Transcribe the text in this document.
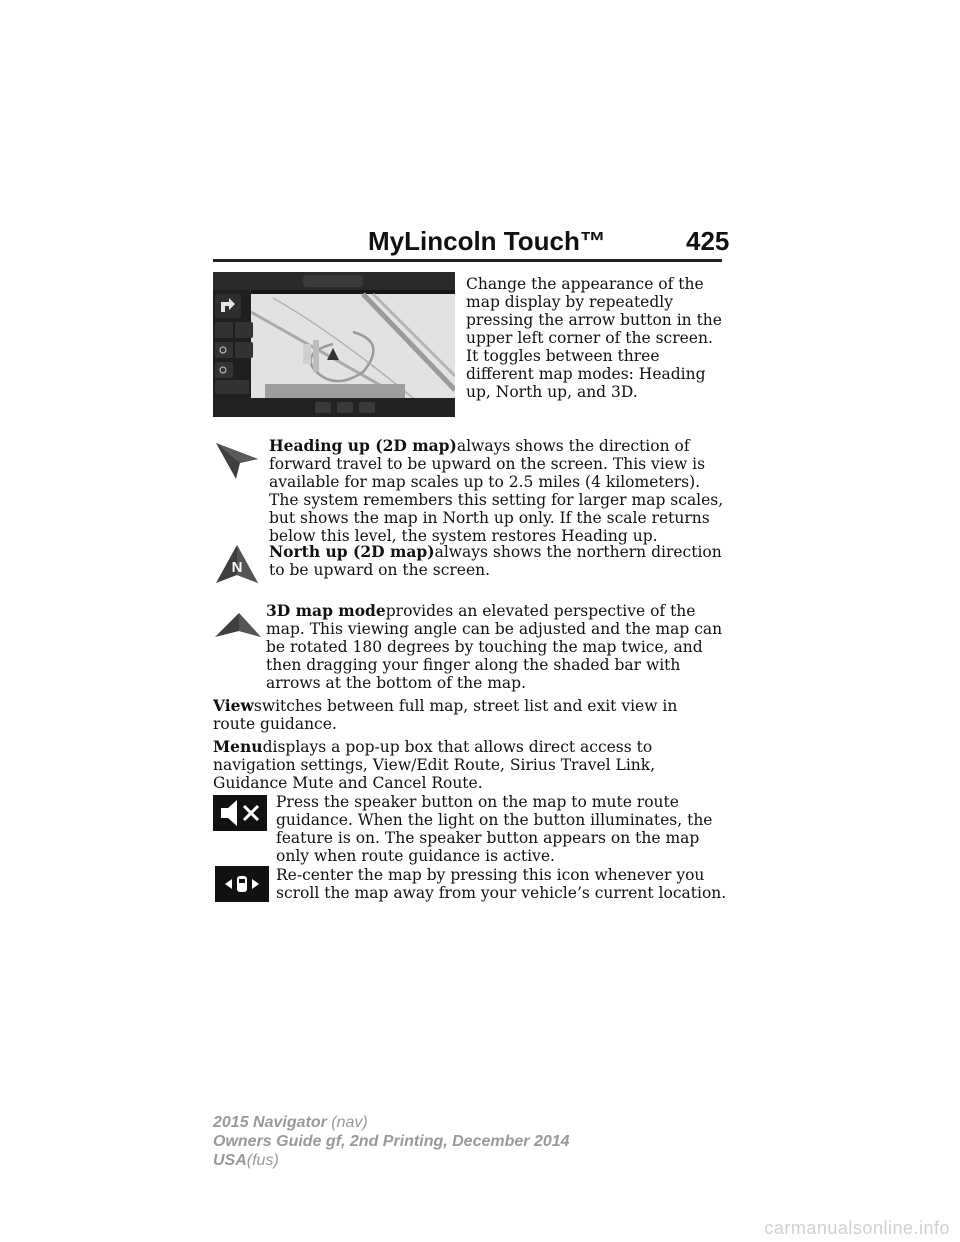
MyLincoln Touch™	425
Change the appearance of the map display by repeatedly pressing the arrow button in the upper left corner of the screen. It toggles between three different map modes: Heading up, North up, and 3D.
Heading up (2D map)always shows the direction of forward travel to be upward on the screen. This view is available for map scales up to 2.5 miles (4 kilometers). The system remembers this setting for larger map scales, but shows the map in North up only. If the scale returns below this level, the system restores Heading up.
N
North up (2D map)always shows the northern direction to be upward on the screen.
3D map modeprovides an elevated perspective of the map. This viewing angle can be adjusted and the map can be rotated 180 degrees by touching the map twice, and then dragging your finger along the shaded bar with arrows at the bottom of the map.
Viewswitches between full map, street list and exit view in route guidance.
Menudisplays a pop-up box that allows direct access to navigation settings, View/Edit Route, Sirius Travel Link, Guidance Mute and Cancel Route.
Press the speaker button on the map to mute route guidance. When the light on the button illuminates, the feature is on. The speaker button appears on the map only when route guidance is active.
Re-center the map by pressing this icon whenever you scroll the map away from your vehicle’s current location.
2015 Navigator (nav)
Owners Guide gf, 2nd Printing, December 2014
USA(fus)
carmanualsonline.info
